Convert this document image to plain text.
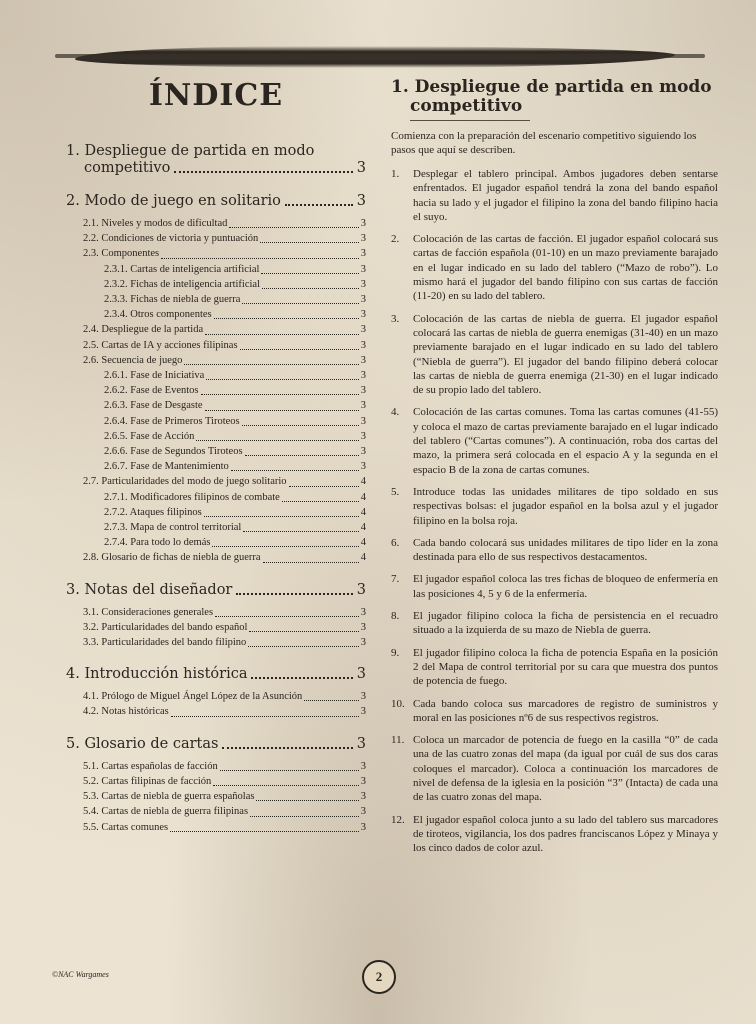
ÍNDICE
1. Despliegue de partida en modo
competitivo	3
2. Modo de juego en solitario	3
2.1. Niveles y modos de dificultad	3
2.2. Condiciones de victoria y puntuación	3
2.3. Componentes	3
2.3.1. Cartas de inteligencia artificial	3
2.3.2. Fichas de inteligencia artificial	3
2.3.3. Fichas de niebla de guerra	3
2.3.4. Otros componentes	3
2.4. Despliegue de la partida	3
2.5. Cartas de IA y acciones filipinas	3
2.6. Secuencia de juego	3
2.6.1. Fase de Iniciativa	3
2.6.2. Fase de Eventos	3
2.6.3. Fase de Desgaste	3
2.6.4. Fase de Primeros Tiroteos	3
2.6.5. Fase de Acción	3
2.6.6. Fase de Segundos Tiroteos	3
2.6.7. Fase de Mantenimiento	3
2.7. Particularidades del modo de juego solitario	4
2.7.1. Modificadores filipinos de combate	4
2.7.2. Ataques filipinos	4
2.7.3. Mapa de control territorial	4
2.7.4. Para todo lo demás	4
2.8. Glosario de fichas de niebla de guerra	4
3. Notas del diseñador	3
3.1. Consideraciones generales	3
3.2. Particularidades del bando español	3
3.3. Particularidades del bando filipino	3
4. Introducción histórica	3
4.1. Prólogo de Miguel Ángel López de la Asunción	3
4.2. Notas históricas	3
5. Glosario de cartas	3
5.1. Cartas españolas de facción	3
5.2. Cartas filipinas de facción	3
5.3. Cartas de niebla de guerra españolas	3
5.4. Cartas de niebla de guerra filipinas	3
5.5. Cartas comunes	3
1. Despliegue de partida en modo
competitivo

Comienza con la preparación del escenario competitivo siguiendo los pasos que aquí se describen.

1.	Desplegar el tablero principal. Ambos jugadores deben sentarse enfrentados. El jugador español tendrá la zona del bando español hacia su lado y el jugador el filipino la zona del bando filipino hacia el suyo.
2.	Colocación de las cartas de facción. El jugador español colocará sus cartas de facción española (01-10) en un mazo previamente barajado en el lugar indicado en su lado del tablero (“Mazo de robo”). Lo mismo hará el jugador del bando filipino con sus cartas de facción (11-20) en su lado del tablero.
3.	Colocación de las cartas de niebla de guerra. El jugador español colocará las cartas de niebla de guerra enemigas (31-40) en un mazo previamente barajado en el lugar indicado en su lado del tablero (“Niebla de guerra”). El jugador del bando filipino deberá colocar las cartas de niebla de guerra enemiga (21-30) en el lugar indicado de su propio lado del tablero.
4.	Colocación de las cartas comunes. Toma las cartas comunes (41-55) y coloca el mazo de cartas previamente barajado en el lugar indicado del tablero (“Cartas comunes”). A continuación, roba dos cartas del mazo, la primera será colocada en el espacio A y la segunda en el espacio B de la zona de cartas comunes.
5.	Introduce todas las unidades militares de tipo soldado en sus respectivas bolsas: el jugador español en la bolsa azul y el jugador filipino en la bolsa roja.
6.	Cada bando colocará sus unidades militares de tipo líder en la zona destinada para ello de sus respectivos destacamentos.
7.	El jugador español coloca las tres fichas de bloqueo de enfermería en las posiciones 4, 5 y 6 de la enfermería.
8.	El jugador filipino coloca la ficha de persistencia en el recuadro situado a la izquierda de su mazo de Niebla de guerra.
9.	El jugador filipino coloca la ficha de potencia España en la posición 2 del Mapa de control territorial por su cara que muestra dos puntos de potencia de fuego.
10. Cada bando coloca sus marcadores de registro de suministros y moral en las posiciones nº6 de sus respectivos registros.
11. Coloca un marcador de potencia de fuego en la casilla “0” de cada una de las cuatro zonas del mapa (da igual por cuál de sus dos caras coloques el marcador). Coloca a continuación los marcadores de nivel de defensa de la iglesia en la posición “3” (Intacta) de cada una de las cuatro zonas del mapa.
12. El jugador español coloca junto a su lado del tablero sus marcadores de tiroteos, vigilancia, los dos padres franciscanos López y Minaya y los cinco dados de color azul.
©NAC Wargames	2
